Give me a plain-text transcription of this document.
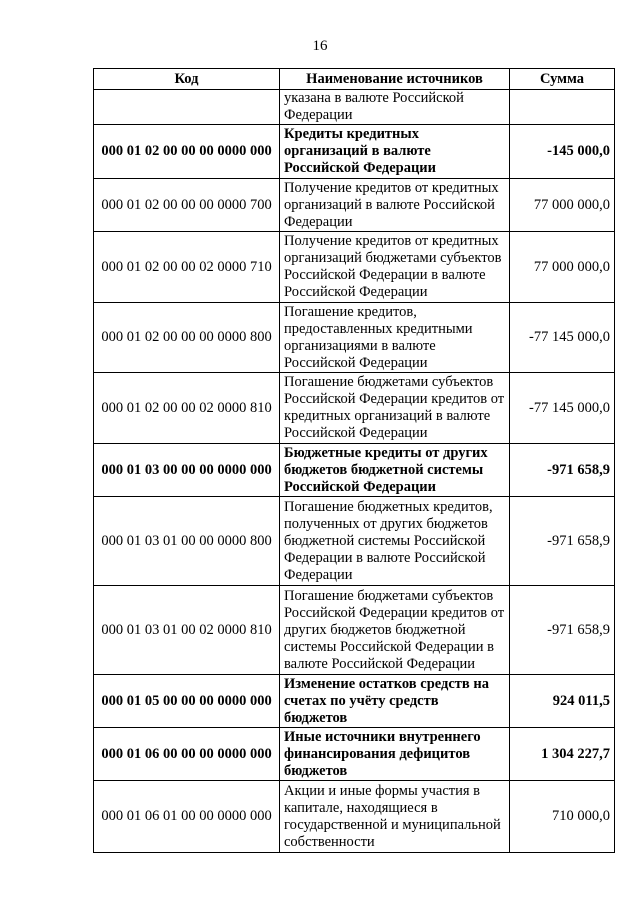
16
Код	Наименование источников	Сумма
	указана в валюте Российской Федерации	
000 01 02 00 00 00 0000 000	Кредиты кредитных организаций в валюте Российской Федерации	-145 000,0
000 01 02 00 00 00 0000 700	Получение кредитов от кредитных организаций в валюте Российской Федерации	77 000 000,0
000 01 02 00 00 02 0000 710	Получение кредитов от кредитных организаций бюджетами субъектов Российской Федерации в валюте Российской Федерации	77 000 000,0
000 01 02 00 00 00 0000 800	Погашение кредитов, предоставленных кредитными организациями в валюте Российской Федерации	-77 145 000,0
000 01 02 00 00 02 0000 810	Погашение бюджетами субъектов Российской Федерации кредитов от кредитных организаций в валюте Российской Федерации	-77 145 000,0
000 01 03 00 00 00 0000 000	Бюджетные кредиты от других бюджетов бюджетной системы Российской Федерации	-971 658,9
000 01 03 01 00 00 0000 800	Погашение бюджетных кредитов, полученных от других бюджетов бюджетной системы Российской Федерации в валюте Российской Федерации	-971 658,9
000 01 03 01 00 02 0000 810	Погашение бюджетами субъектов Российской Федерации кредитов от других бюджетов бюджетной системы Российской Федерации в валюте Российской Федерации	-971 658,9
000 01 05 00 00 00 0000 000	Изменение остатков средств на счетах по учёту средств бюджетов	924 011,5
000 01 06 00 00 00 0000 000	Иные источники внутреннего финансирования дефицитов бюджетов	1 304 227,7
000 01 06 01 00 00 0000 000	Акции и иные формы участия в капитале, находящиеся в государственной и муниципальной собственности	710 000,0
